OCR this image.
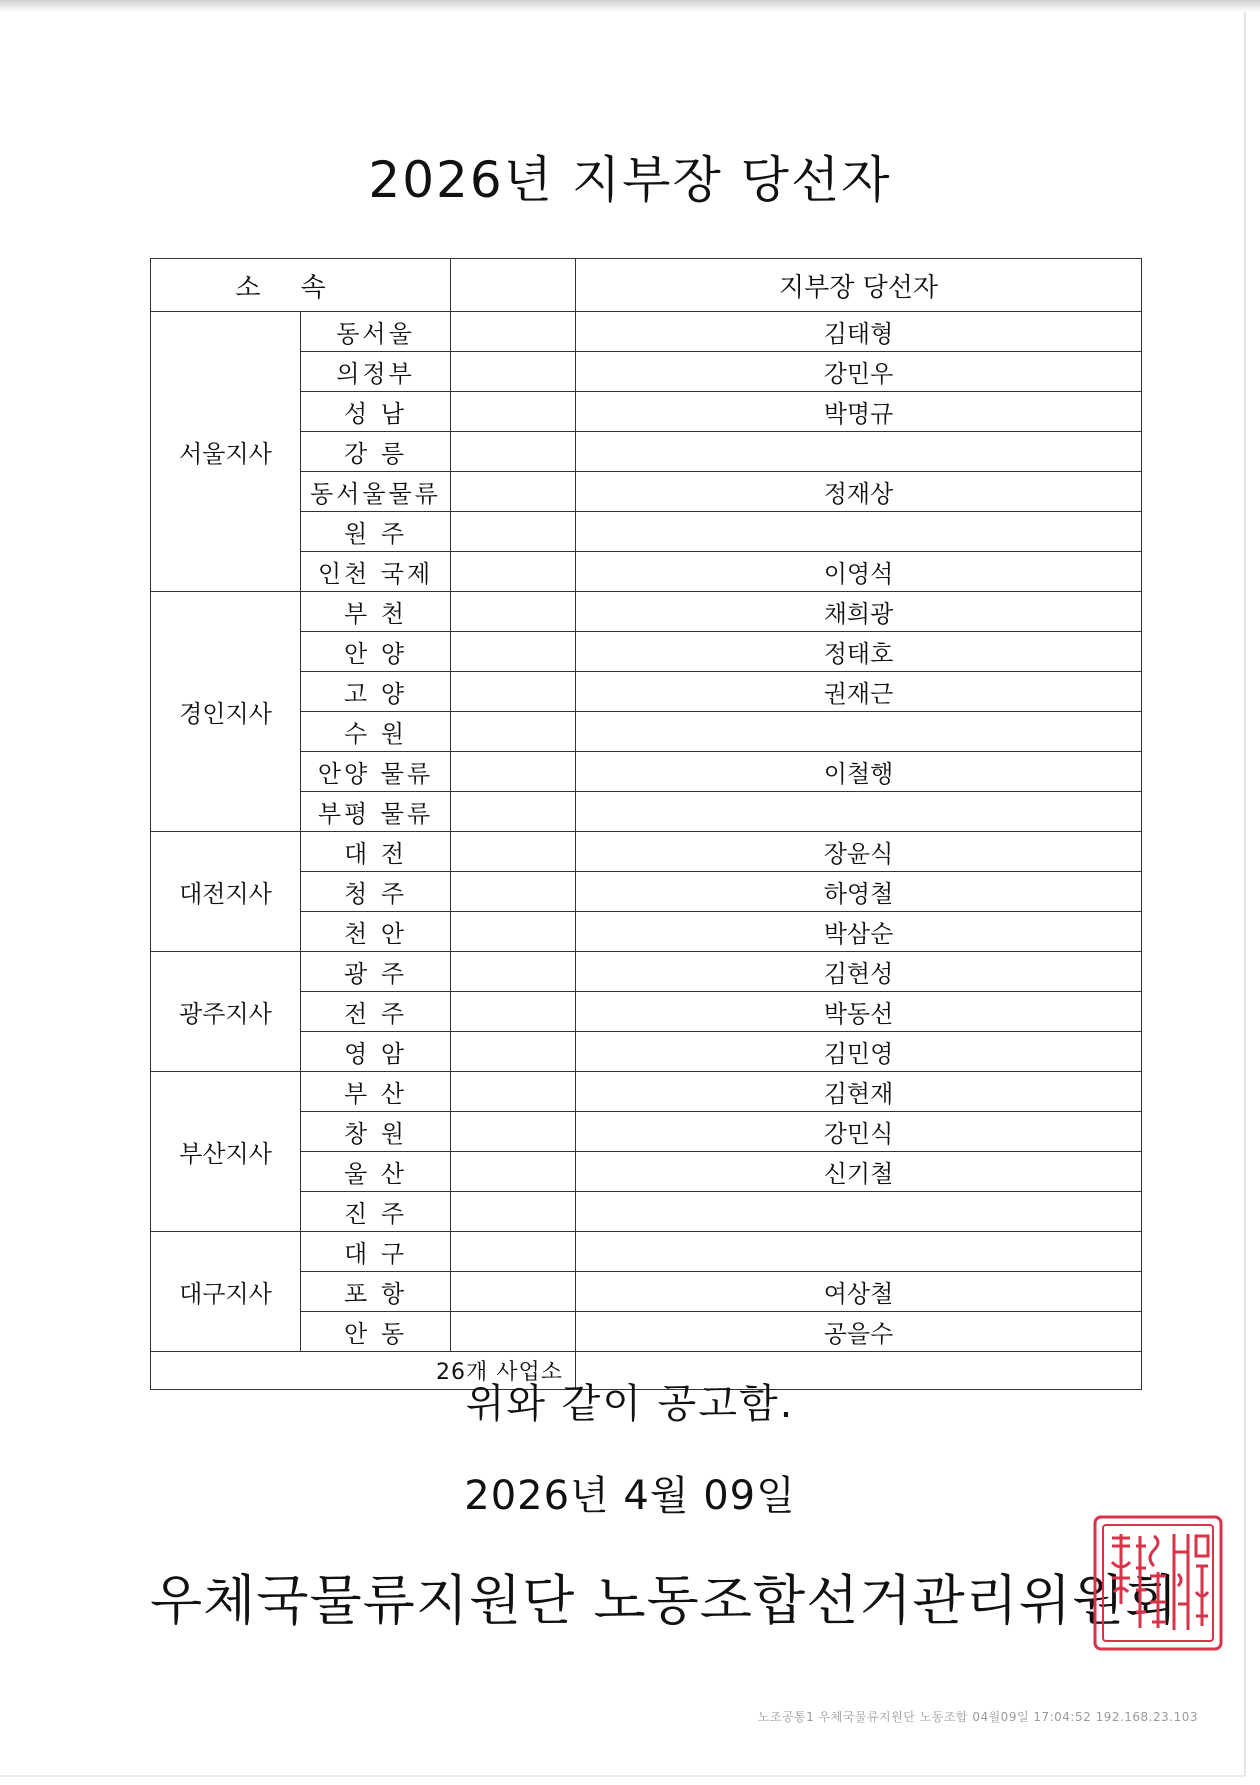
2026년 지부장 당선자
소속			지부장 당선자
서울지사	동서울		김태형
	의정부		강민우
	성 남		박명규
	강 릉		
	동서울물류		정재상
	원 주		
	인천 국제		이영석
경인지사	부 천		채희광
	안 양		정태호
	고 양		권재근
	수 원		
	안양 물류		이철행
	부평 물류		
대전지사	대 전		장윤식
	청 주		하영철
	천 안		박삼순
광주지사	광 주		김현성
	전 주		박동선
	영 암		김민영
부산지사	부 산		김현재
	창 원		강민식
	울 산		신기철
	진 주		
대구지사	대 구		
	포 항		여상철
	안 동		공을수
26개 사업소			
위와 같이 공고함.
2026년 4월 09일
우체국물류지원단 노동조합선거관리위원회
노조공통1 우체국물류지원단 노동조합 04월09일 17:04:52 192.168.23.103
